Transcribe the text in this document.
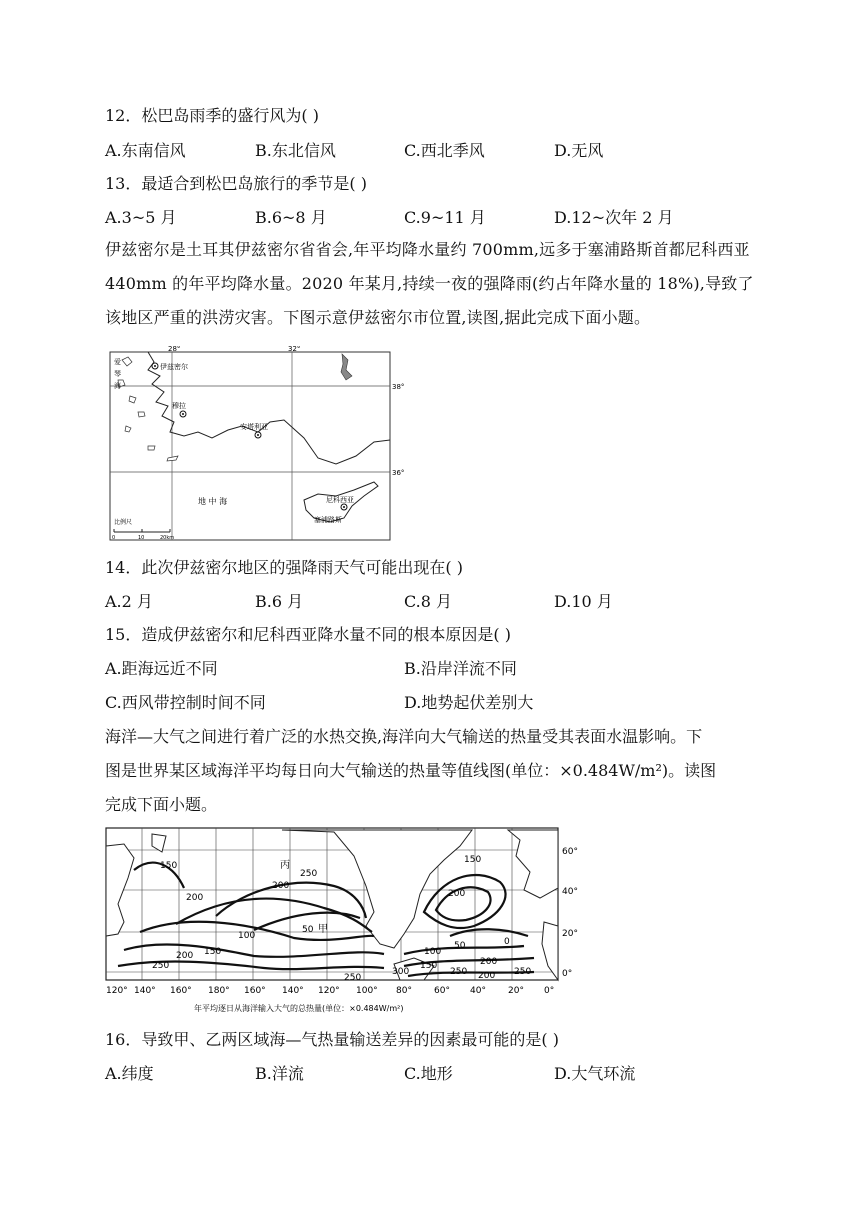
12．松巴岛雨季的盛行风为( )
A.东南信风	B.东北信风	C.西北季风	D.无风
13．最适合到松巴岛旅行的季节是( )
A.3~5 月	B.6~8 月	C.9~11 月	D.12~次年 2 月
伊兹密尔是土耳其伊兹密尔省省会,年平均降水量约 700mm,远多于塞浦路斯首都尼科西亚 440mm 的年平均降水量。2020 年某月,持续一夜的强降雨(约占年降水量的 18%),导致了该地区严重的洪涝灾害。下图示意伊兹密尔市位置,读图,据此完成下面小题。
28°	32°
38°
36°
伊兹密尔
爱
琴
海
穆拉
安塔利亚
地 中 海	尼科西亚
塞浦路斯
比例尺
0	10	20km
14．此次伊兹密尔地区的强降雨天气可能出现在( )
A.2 月	B.6 月	C.8 月	D.10 月
15．造成伊兹密尔和尼科西亚降水量不同的根本原因是( )
A.距海远近不同	B.沿岸洋流不同
C.西风带控制时间不同	D.地势起伏差别大
海洋—大气之间进行着广泛的水热交换,海洋向大气输送的热量受其表面水温影响。下
图是世界某区域海洋平均每日向大气输送的热量等值线图(单位：×0.484W/m²)。读图
完成下面小题。
150
250
200
200
100
150
200
250
50
150
200
50	0
100
150
250
200
200 250
250
300
丙
甲
60°
40°
20°
0°
120° 140° 160° 180° 160° 140° 120° 100° 80° 60° 40° 20° 0°
年平均逐日从海洋输入大气的总热量(单位：×0.484W/m²)
16．导致甲、乙两区域海—气热量输送差异的因素最可能的是( )
A.纬度	B.洋流	C.地形	D.大气环流
